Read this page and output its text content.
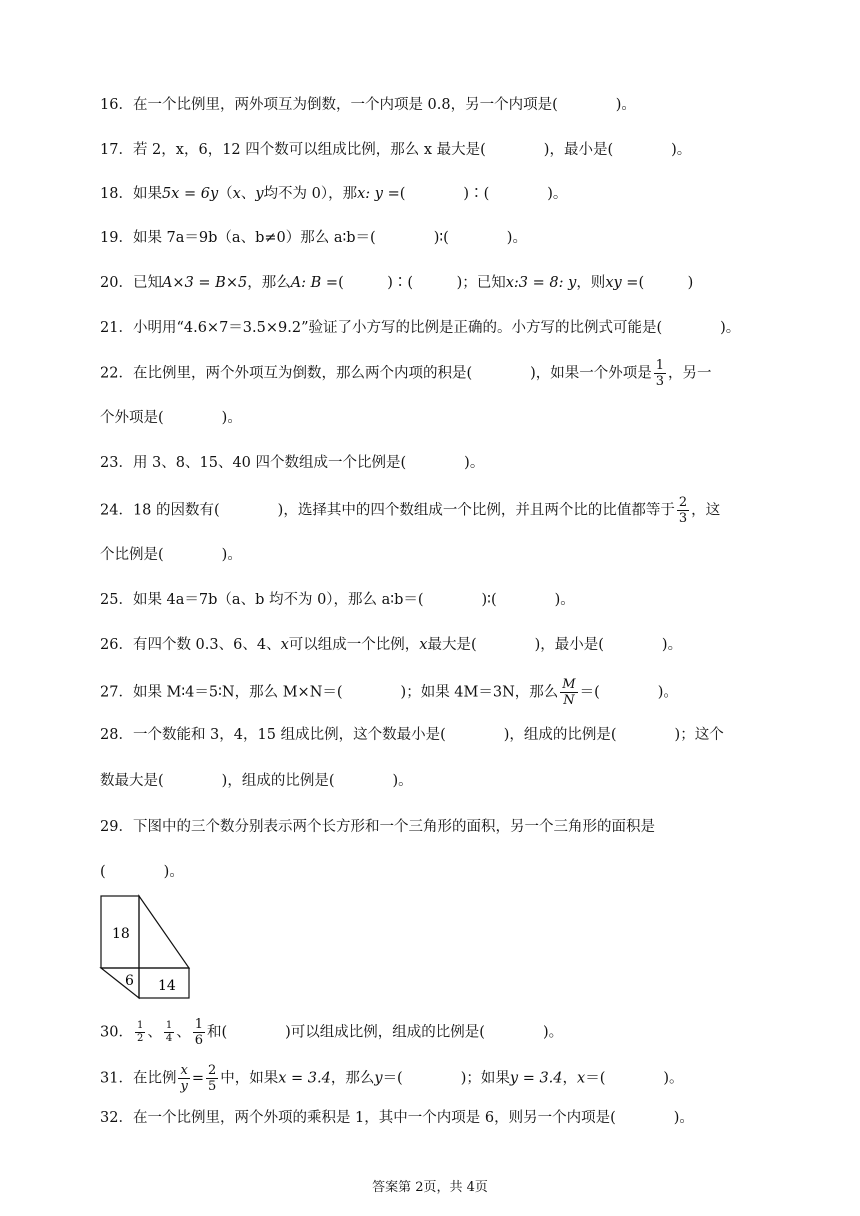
16．在一个比例里，两外项互为倒数，一个内项是 0.8，另一个内项是(　　　　)。
17．若 2，x，6，12 四个数可以组成比例，那么 x 最大是(　　　　)，最小是(　　　　)。
18．如果5x = 6y（x、y均不为 0），那x: y =(　　　　)∶(　　　　)。
19．如果 7a＝9b（a、b≠0）那么 a∶b＝(　　　　)∶(　　　　)。
20．已知A×3 = B×5，那么A: B =(　　　)∶(　　　)；已知x:3 = 8: y，则xy =(　　　)
21．小明用“4.6×7＝3.5×9.2”验证了小方写的比例是正确的。小方写的比例式可能是(　　　　)。
22．在比例里，两个外项互为倒数，那么两个内项的积是(　　　　)，如果一个外项是 $\frac{1}{3}$ ，另一
个外项是(　　　　)。
23．用 3、8、15、40 四个数组成一个比例是(　　　　)。
24．18 的因数有(　　　　)，选择其中的四个数组成一个比例，并且两个比的比值都等于 $\frac{2}{3}$ ，这
个比例是(　　　　)。
25．如果 4a＝7b（a、b 均不为 0），那么 a∶b＝(　　　　)∶(　　　　)。
26．有四个数 0.3、6、4、x可以组成一个比例，x最大是(　　　　)，最小是(　　　　)。
27．如果 M∶4＝5∶N，那么 M×N＝(　　　　)；如果 4M＝3N，那么 $\frac{M}{N}$ ＝(　　　　)。
28．一个数能和 3，4，15 组成比例，这个数最小是(　　　　)，组成的比例是(　　　　)；这个
数最大是(　　　　)，组成的比例是(　　　　)。
29．下图中的三个数分别表示两个长方形和一个三角形的面积，另一个三角形的面积是
(　　　　)。
18
6 14
30． $\frac{1}{2}$ 、 $\frac{1}{4}$ 、 $\frac{1}{6}$ 和(　　　　)可以组成比例，组成的比例是(　　　　)。
31．在比例 $\frac{x}{y} = \frac{2}{5}$ 中，如果x = 3.4，那么y＝(　　　　)；如果y = 3.4，x＝(　　　　)。
32．在一个比例里，两个外项的乘积是 1，其中一个内项是 6，则另一个内项是(　　　　)。
答案第 2页，共 4页
